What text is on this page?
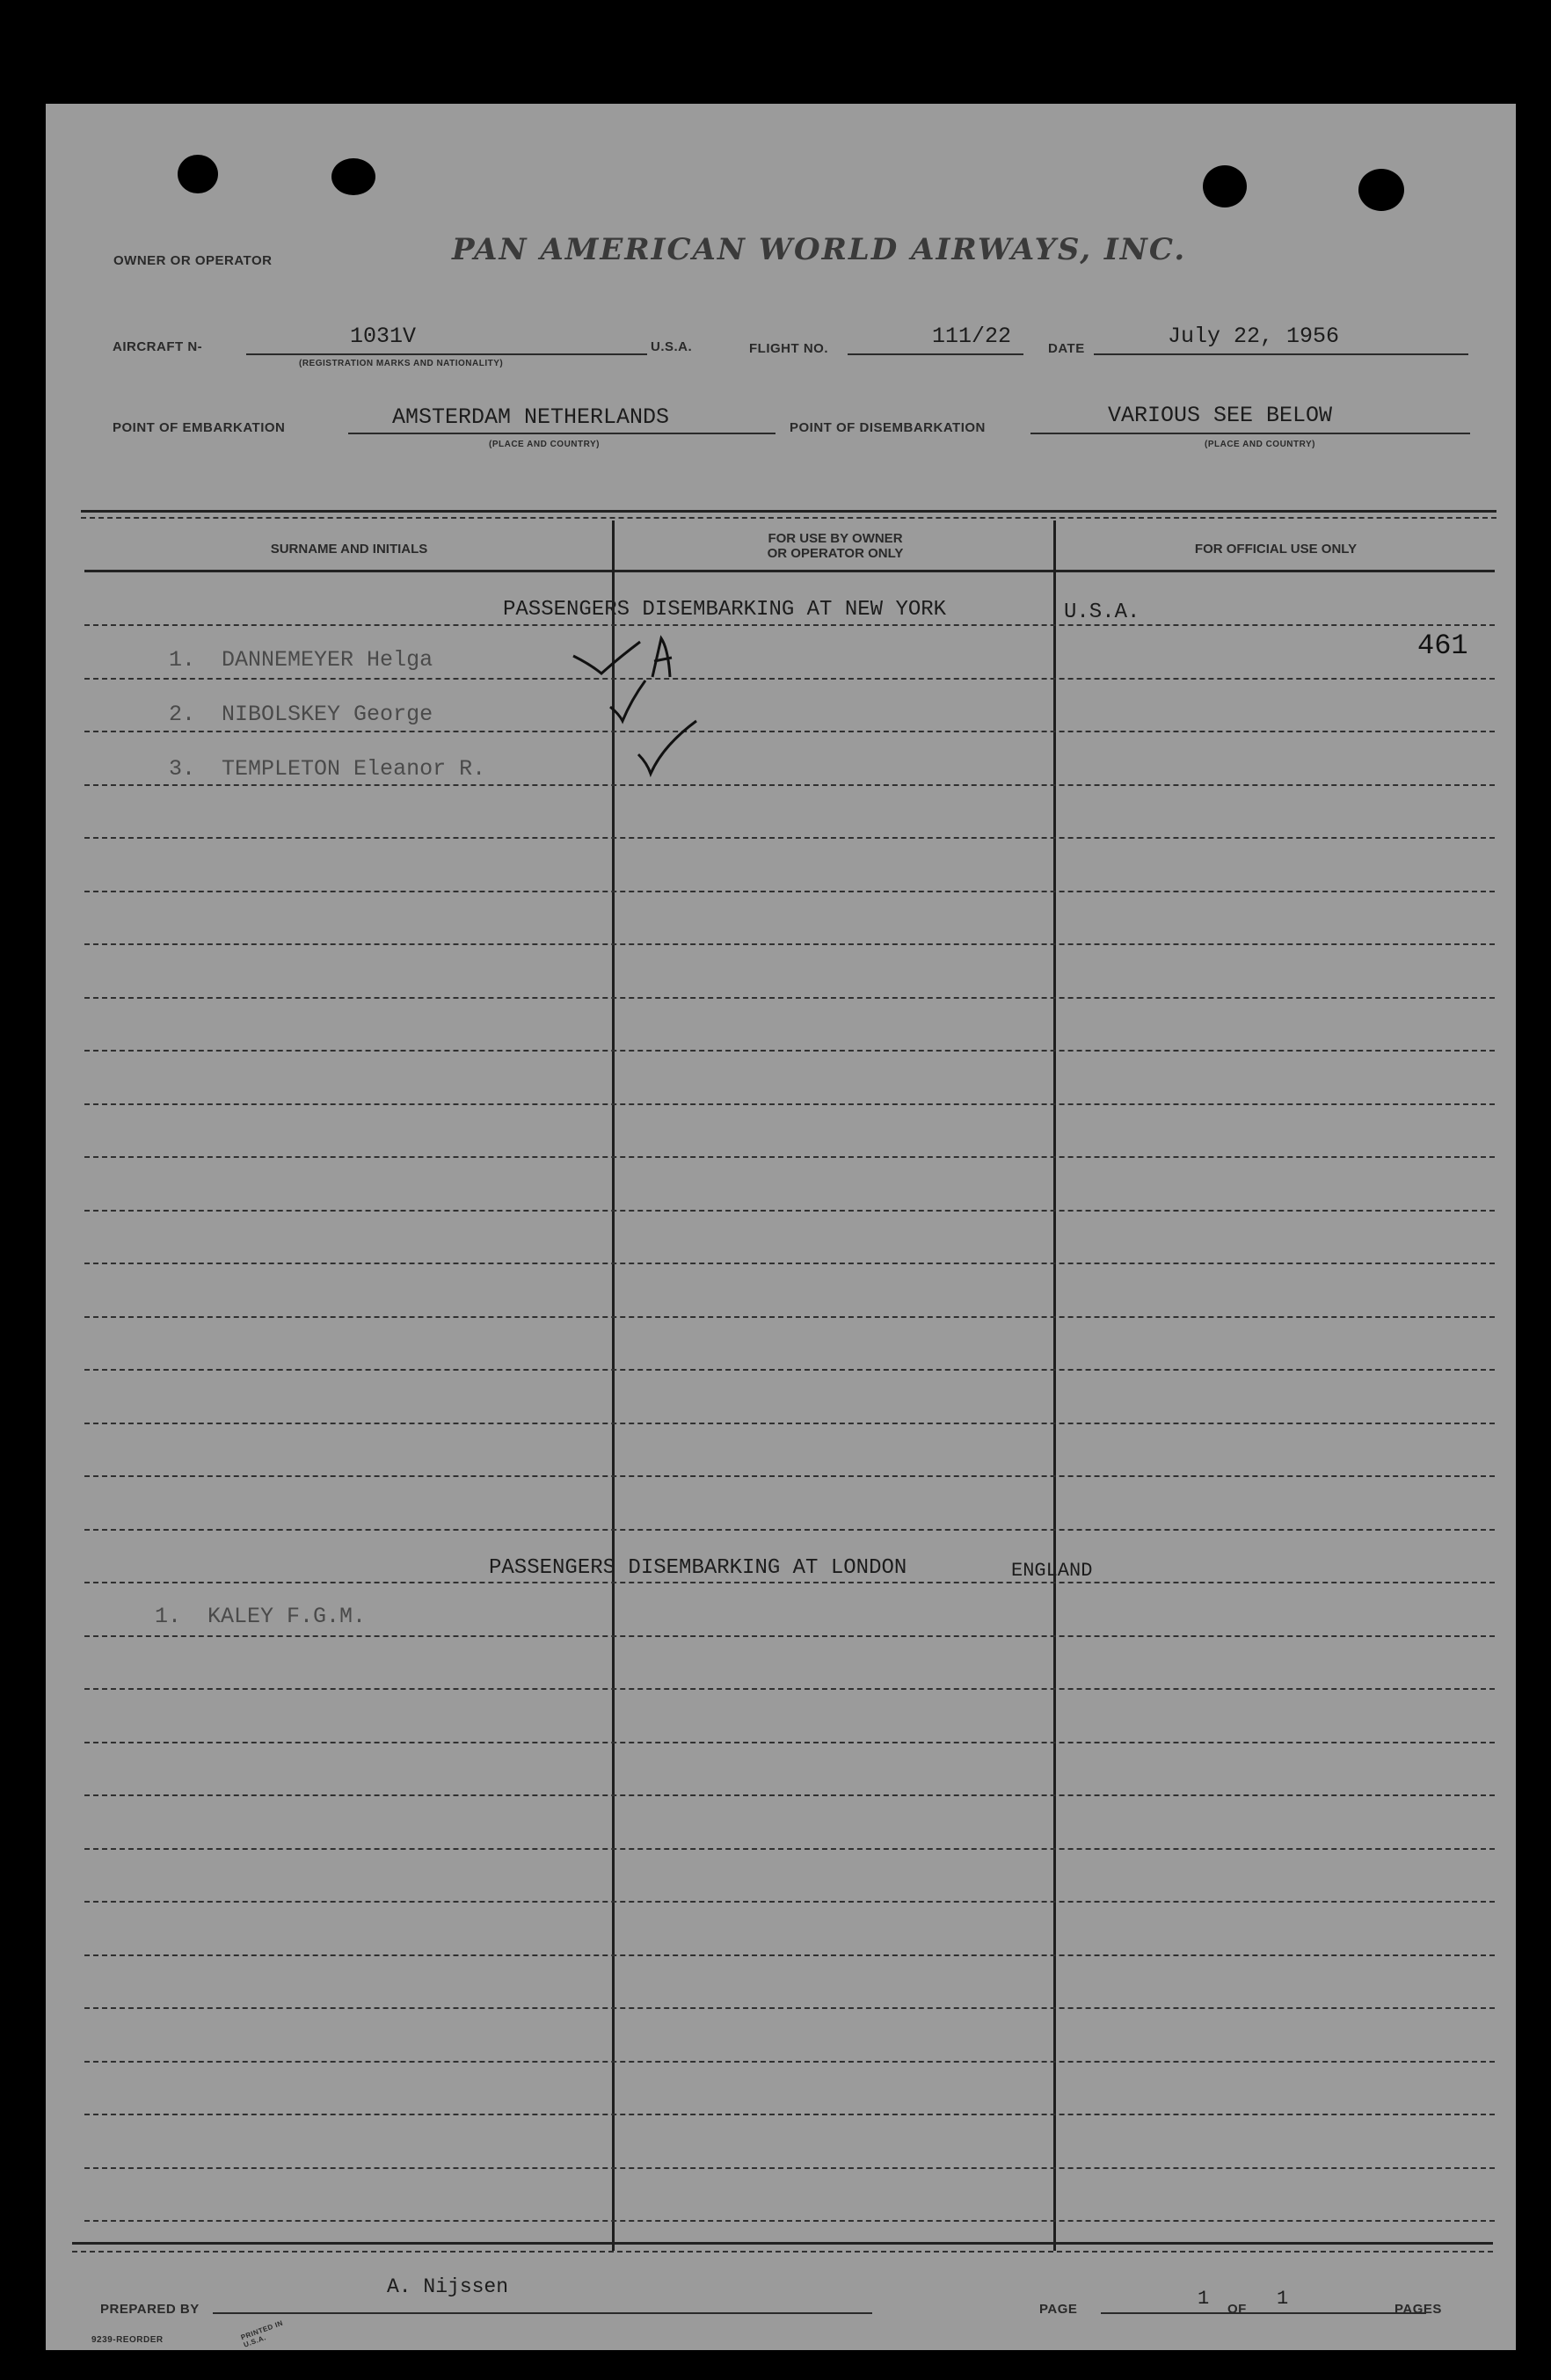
OWNER OR OPERATOR	PAN AMERICAN WORLD AIRWAYS, INC.
AIRCRAFT N-	1031V
(REGISTRATION MARKS AND NATIONALITY)
U.S.A.	FLIGHT NO.	111/22	DATE	July 22, 1956
POINT OF EMBARKATION	AMSTERDAM NETHERLANDS
(PLACE AND COUNTRY)
POINT OF DISEMBARKATION	VARIOUS SEE BELOW
(PLACE AND COUNTRY)
SURNAME AND INITIALS
FOR USE BY OWNER
OR OPERATOR ONLY	FOR OFFICIAL USE ONLY
PASSENGERS DISEMBARKING AT NEW YORK	U.S.A.
461
1. DANNEMEYER Helga
2. NIBOLSKEY George
3. TEMPLETON Eleanor R.
PASSENGERS DISEMBARKING AT LONDON	ENGLAND
1. KALEY F.G.M.
PREPARED BY
A. Nijssen
PAGE	1 OF 1	PAGES
9239-REORDER	PRINTED IN U.S.A.
